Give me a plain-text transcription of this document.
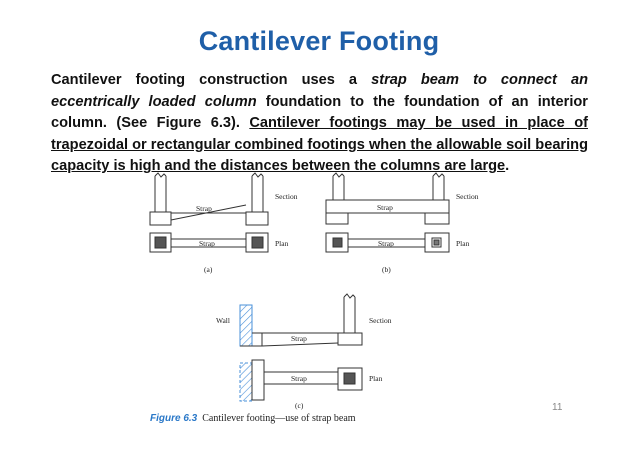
Cantilever Footing
Cantilever footing construction uses a strap beam to connect an eccentrically loaded column foundation to the foundation of an interior column. (See Figure 6.3). Cantilever footings may be used in place of trapezoidal or rectangular combined footings when the allowable soil bearing capacity is high and the distances between the columns are large.
Strap
Section
Strap	Plan
(a)
Strap
Section
Strap	Plan
(b)
Wall
Strap
Section
Strap	Plan
(c)
Figure 6.3 Cantilever footing—use of strap beam
11
